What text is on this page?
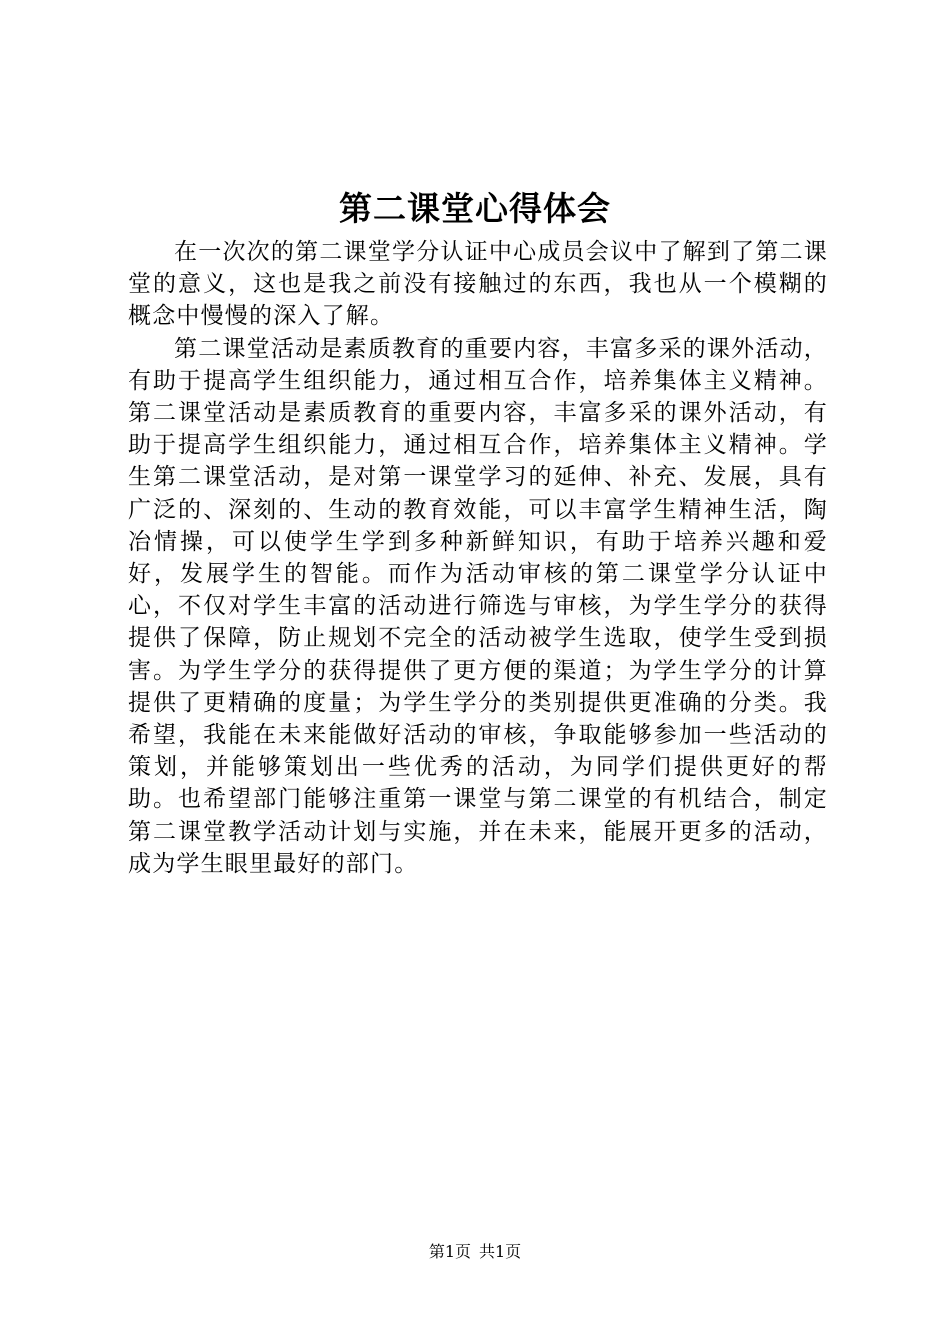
第二课堂心得体会

在一次次的第二课堂学分认证中心成员会议中了解到了第二课堂的意义，这也是我之前没有接触过的东西，我也从一个模糊的概念中慢慢的深入了解。

第二课堂活动是素质教育的重要内容，丰富多采的课外活动，有助于提高学生组织能力，通过相互合作，培养集体主义精神。第二课堂活动是素质教育的重要内容，丰富多采的课外活动，有助于提高学生组织能力，通过相互合作，培养集体主义精神。学生第二课堂活动，是对第一课堂学习的延伸、补充、发展，具有广泛的、深刻的、生动的教育效能，可以丰富学生精神生活，陶冶情操，可以使学生学到多种新鲜知识，有助于培养兴趣和爱好，发展学生的智能。而作为活动审核的第二课堂学分认证中心，不仅对学生丰富的活动进行筛选与审核，为学生学分的获得提供了保障，防止规划不完全的活动被学生选取，使学生受到损害。为学生学分的获得提供了更方便的渠道；为学生学分的计算提供了更精确的度量；为学生学分的类别提供更准确的分类。我希望，我能在未来能做好活动的审核，争取能够参加一些活动的策划，并能够策划出一些优秀的活动，为同学们提供更好的帮助。也希望部门能够注重第一课堂与第二课堂的有机结合，制定第二课堂教学活动计划与实施，并在未来，能展开更多的活动，成为学生眼里最好的部门。

第1页 共1页
